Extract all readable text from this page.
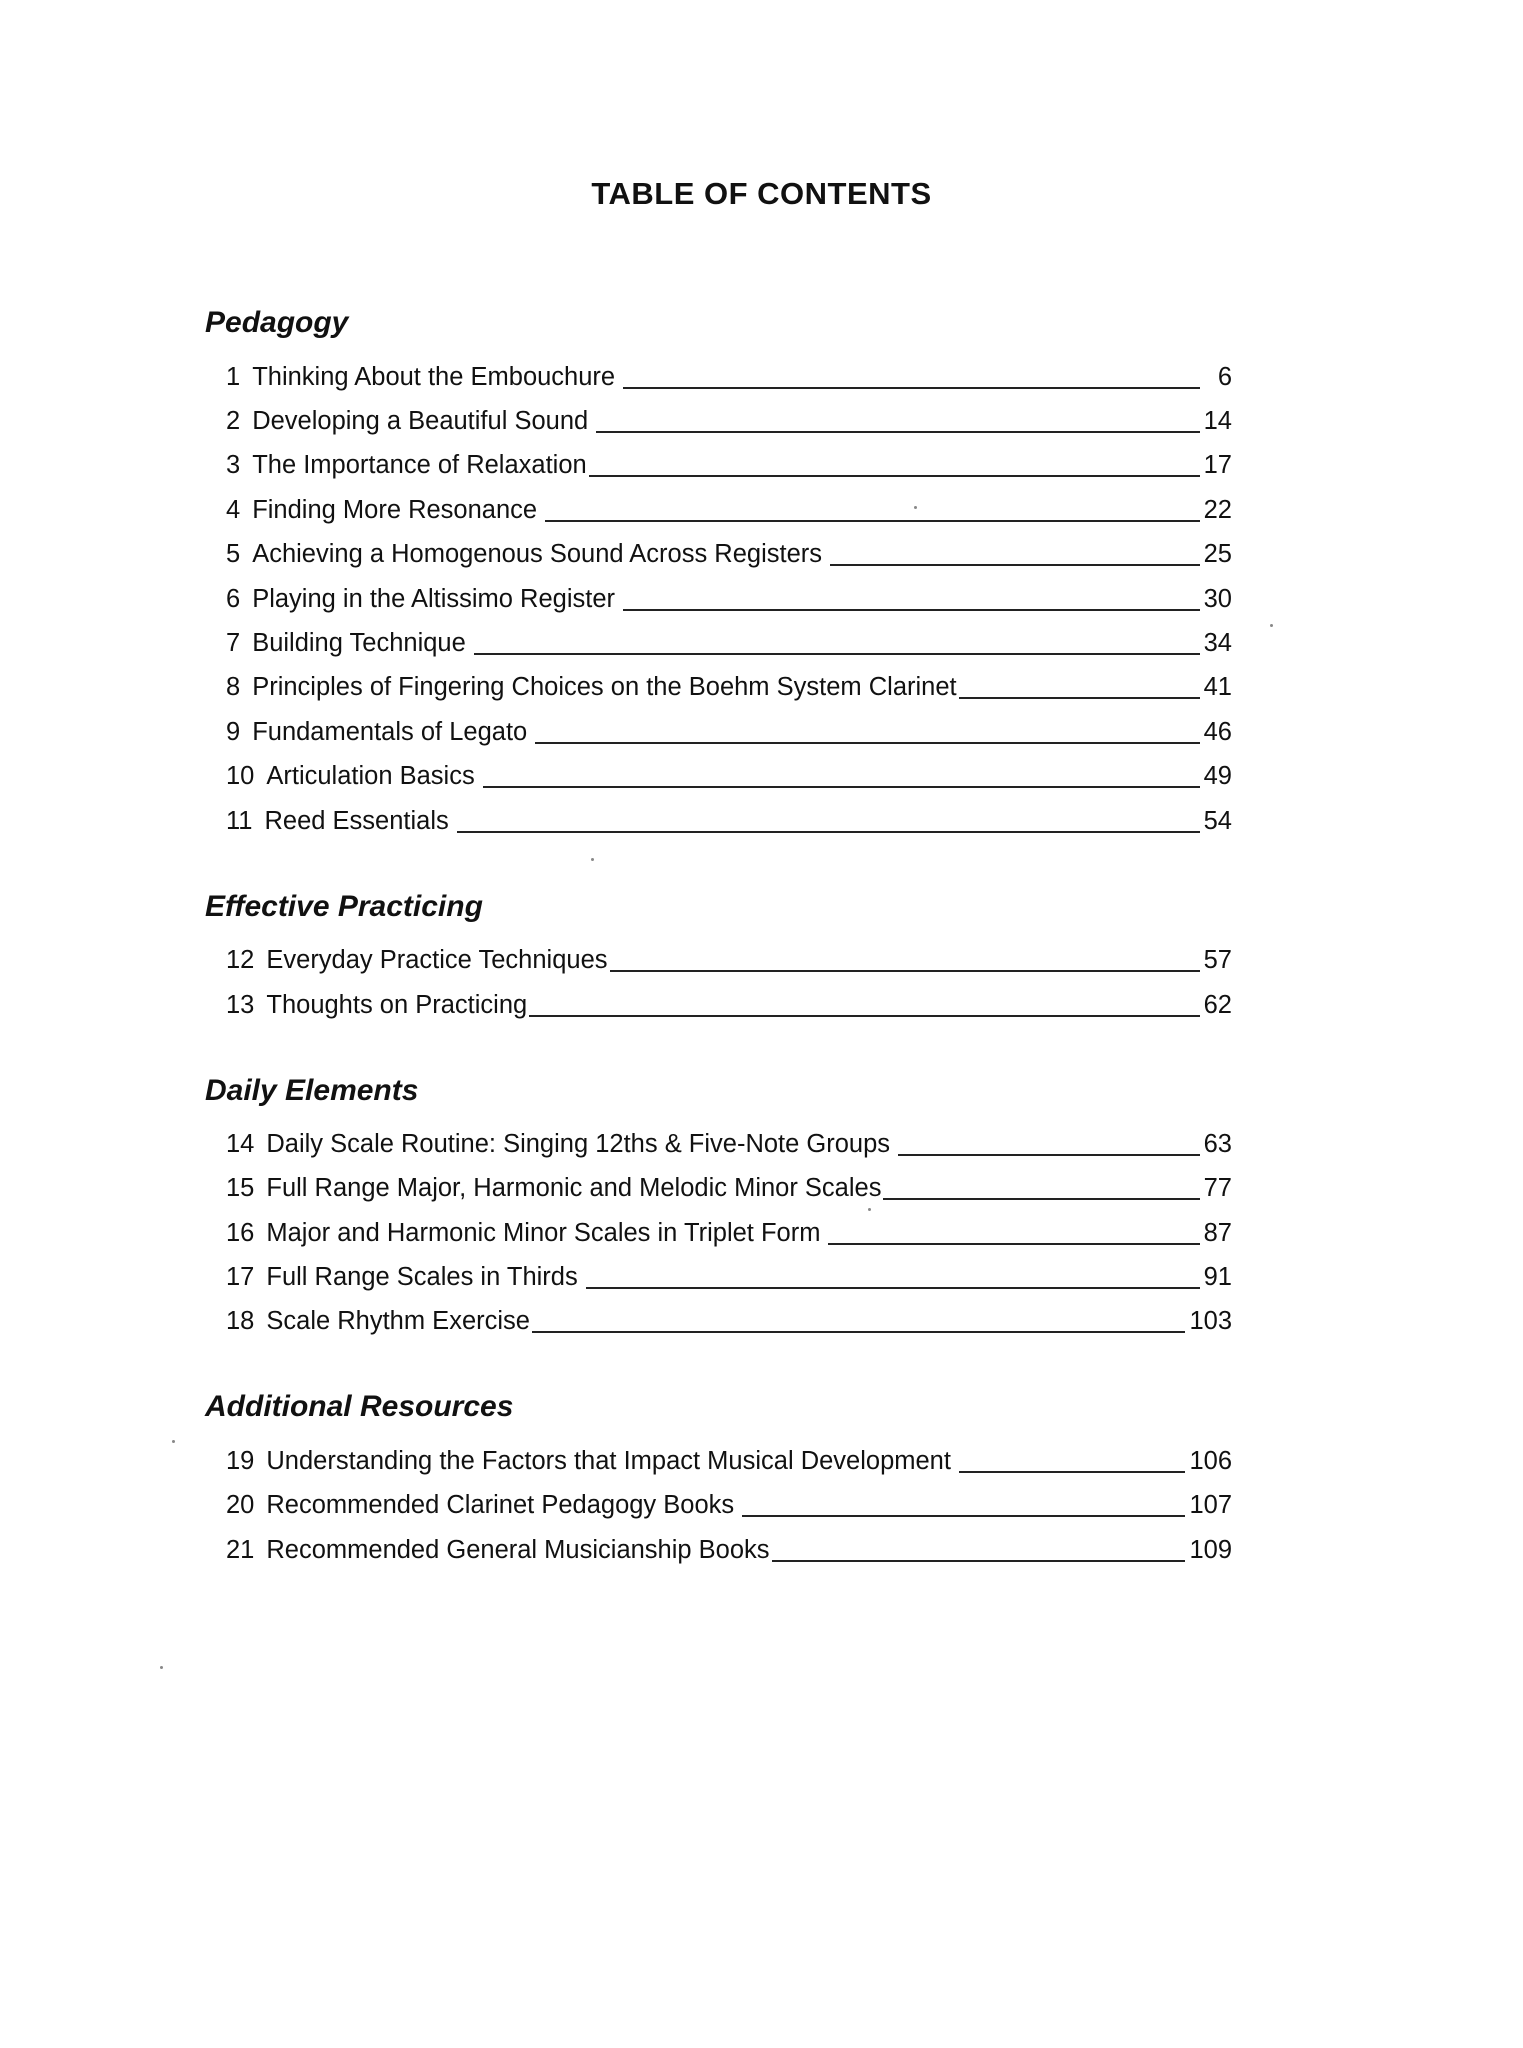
TABLE OF CONTENTS
Pedagogy
1 Thinking About the Embouchure	6
2 Developing a Beautiful Sound	14
3 The Importance of Relaxation	17
4 Finding More Resonance	22
5 Achieving a Homogenous Sound Across Registers	25
6 Playing in the Altissimo Register	30
7 Building Technique	34
8 Principles of Fingering Choices on the Boehm System Clarinet	41
9 Fundamentals of Legato	46
10 Articulation Basics	49
11 Reed Essentials	54
Effective Practicing
12 Everyday Practice Techniques	57
13 Thoughts on Practicing	62
Daily Elements
14 Daily Scale Routine: Singing 12ths & Five-Note Groups	63
15 Full Range Major, Harmonic and Melodic Minor Scales	77
16 Major and Harmonic Minor Scales in Triplet Form	87
17 Full Range Scales in Thirds	91
18 Scale Rhythm Exercise	103
Additional Resources
19 Understanding the Factors that Impact Musical Development	106
20 Recommended Clarinet Pedagogy Books	107
21 Recommended General Musicianship Books	109
